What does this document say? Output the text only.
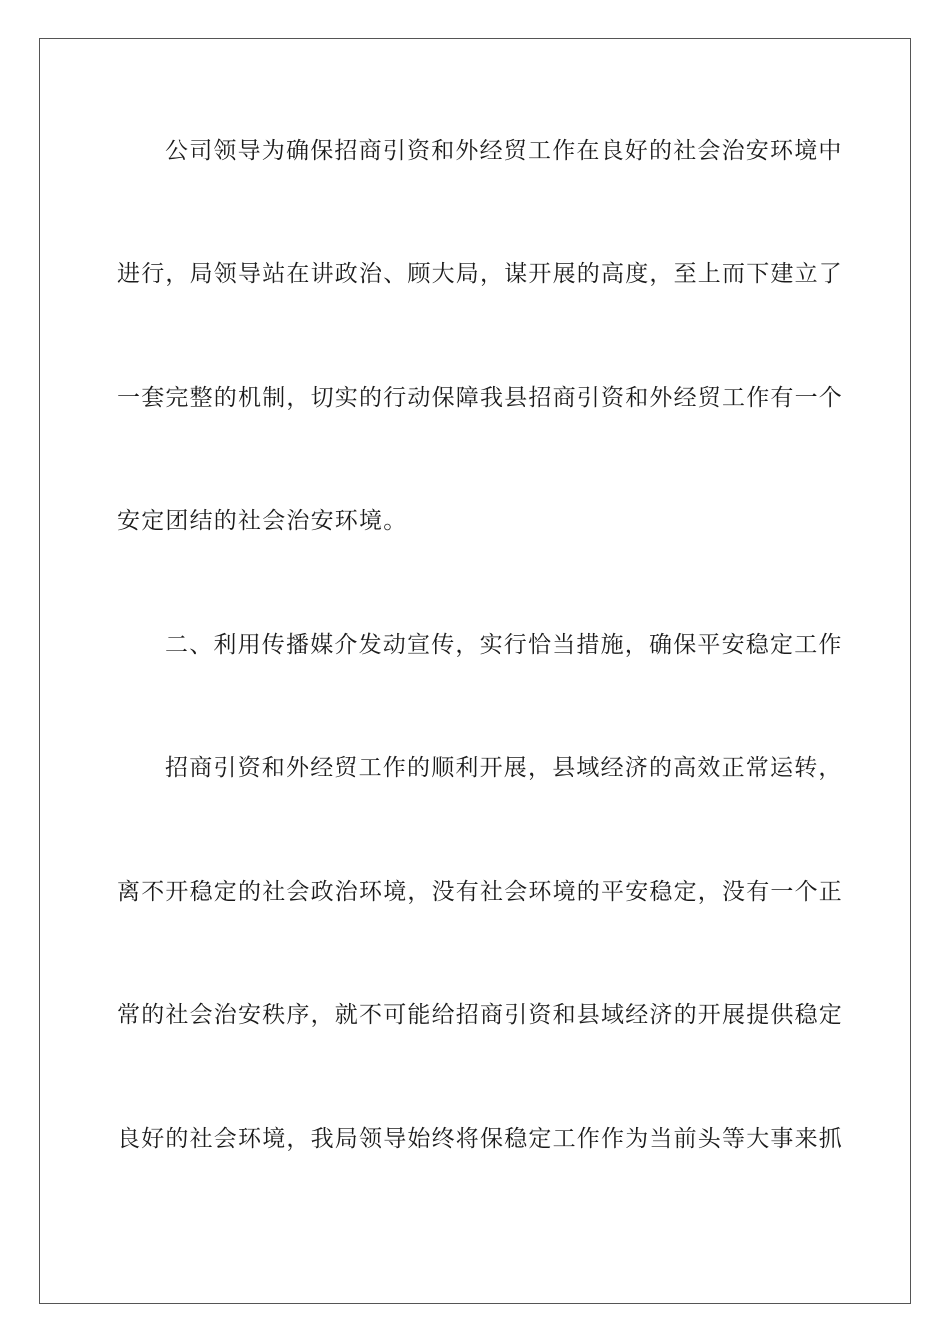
公司领导为确保招商引资和外经贸工作在良好的社会治安环境中
进行，局领导站在讲政治、顾大局，谋开展的高度，至上而下建立了
一套完整的机制，切实的行动保障我县招商引资和外经贸工作有一个
安定团结的社会治安环境。
二、利用传播媒介发动宣传，实行恰当措施，确保平安稳定工作
招商引资和外经贸工作的顺利开展，县域经济的高效正常运转，
离不开稳定的社会政治环境，没有社会环境的平安稳定，没有一个正
常的社会治安秩序，就不可能给招商引资和县域经济的开展提供稳定
良好的社会环境，我局领导始终将保稳定工作作为当前头等大事来抓
